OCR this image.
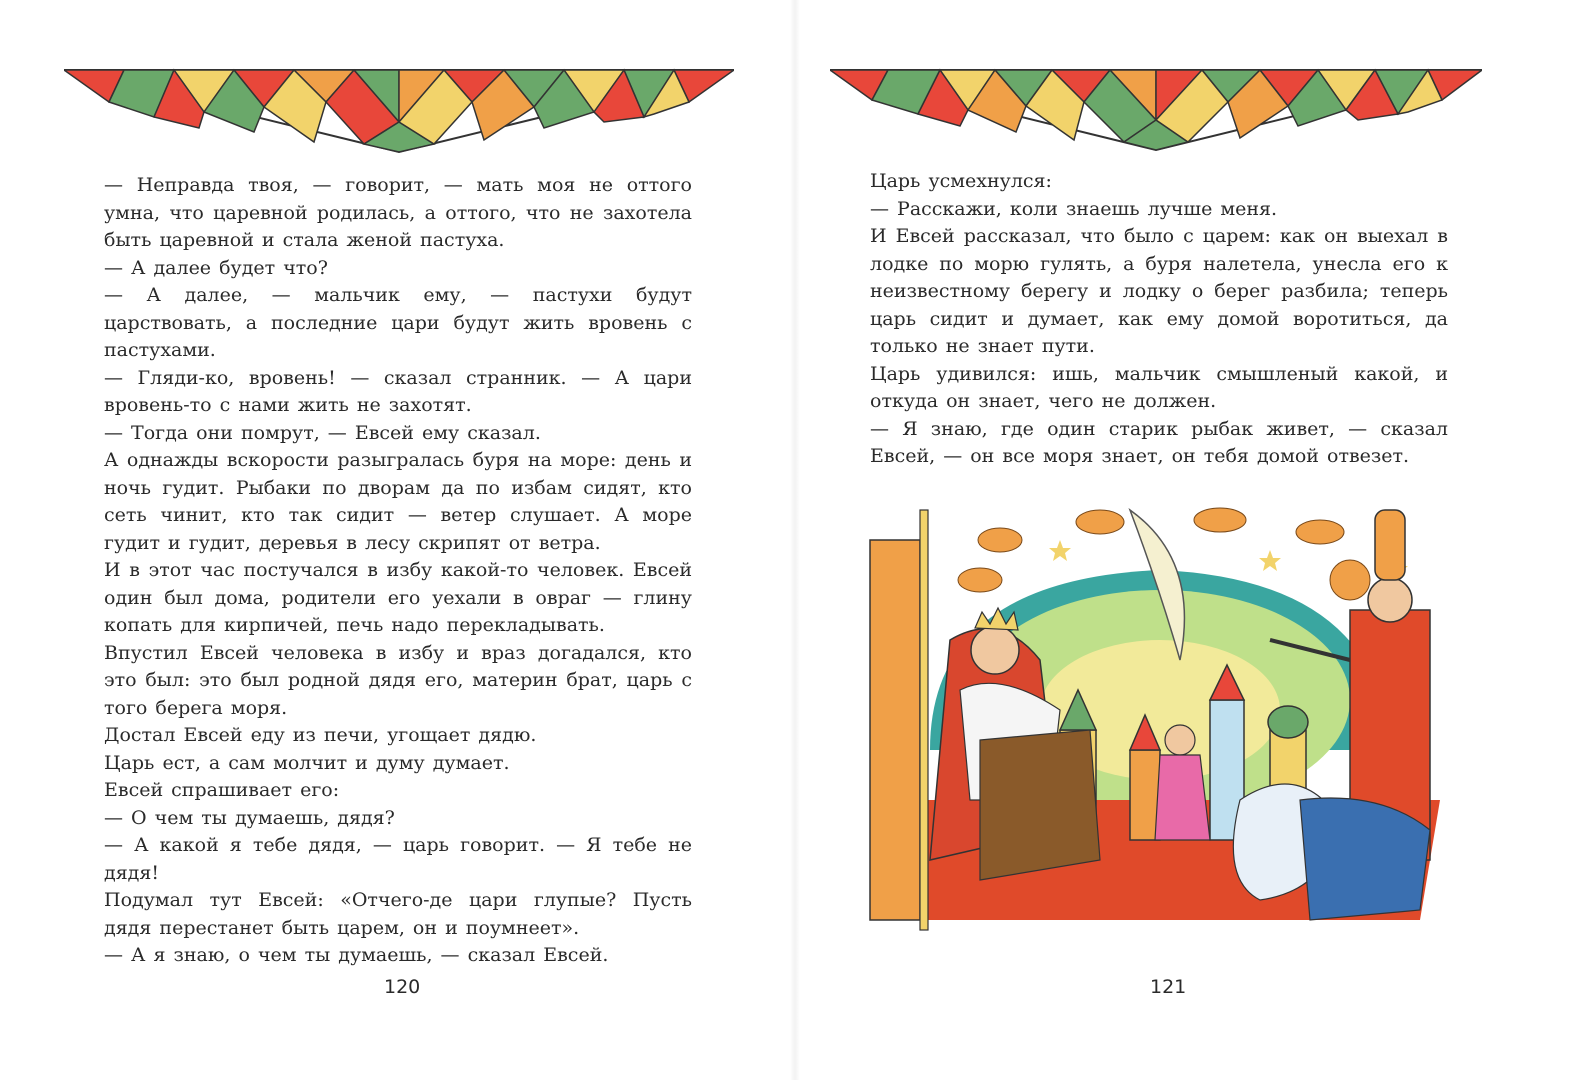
— Неправда твоя, — говорит, — мать моя не оттого умна, что царевной родилась, а оттого, что не захотела быть царевной и стала женой пастуха.

— А далее будет что?

— А далее, — мальчик ему, — пастухи будут царствовать, а последние цари будут жить вровень с пастухами.

— Гляди-ко, вровень! — сказал странник. — А цари вровень-то с нами жить не захотят.

— Тогда они помрут, — Евсей ему сказал.

А однажды вскорости разыгралась буря на море: день и ночь гудит. Рыбаки по дворам да по избам сидят, кто сеть чинит, кто так сидит — ветер слушает. А море гудит и гудит, деревья в лесу скрипят от ветра.

И в этот час постучался в избу какой-то человек. Евсей один был дома, родители его уехали в овраг — глину копать для кирпичей, печь надо перекладывать.

Впустил Евсей человека в избу и враз догадался, кто это был: это был родной дядя его, материн брат, царь с того берега моря.

Достал Евсей еду из печи, угощает дядю.

Царь ест, а сам молчит и думу думает.

Евсей спрашивает его:

— О чем ты думаешь, дядя?

— А какой я тебе дядя, — царь говорит. — Я тебе не дядя!

Подумал тут Евсей: «Отчего-де цари глупые? Пусть дядя перестанет быть царем, он и поумнеет».

— А я знаю, о чем ты думаешь, — сказал Евсей.

120

Царь усмехнулся:

— Расскажи, коли знаешь лучше меня.

И Евсей рассказал, что было с царем: как он выехал в лодке по морю гулять, а буря налетела, унесла его к неизвестному берегу и лодку о берег разбила; теперь царь сидит и думает, как ему домой воротиться, да только не знает пути.

Царь удивился: ишь, мальчик смышленый какой, и откуда он знает, чего не должен.

— Я знаю, где один старик рыбак живет, — сказал Евсей, — он все моря знает, он тебя домой отвезет.

121
